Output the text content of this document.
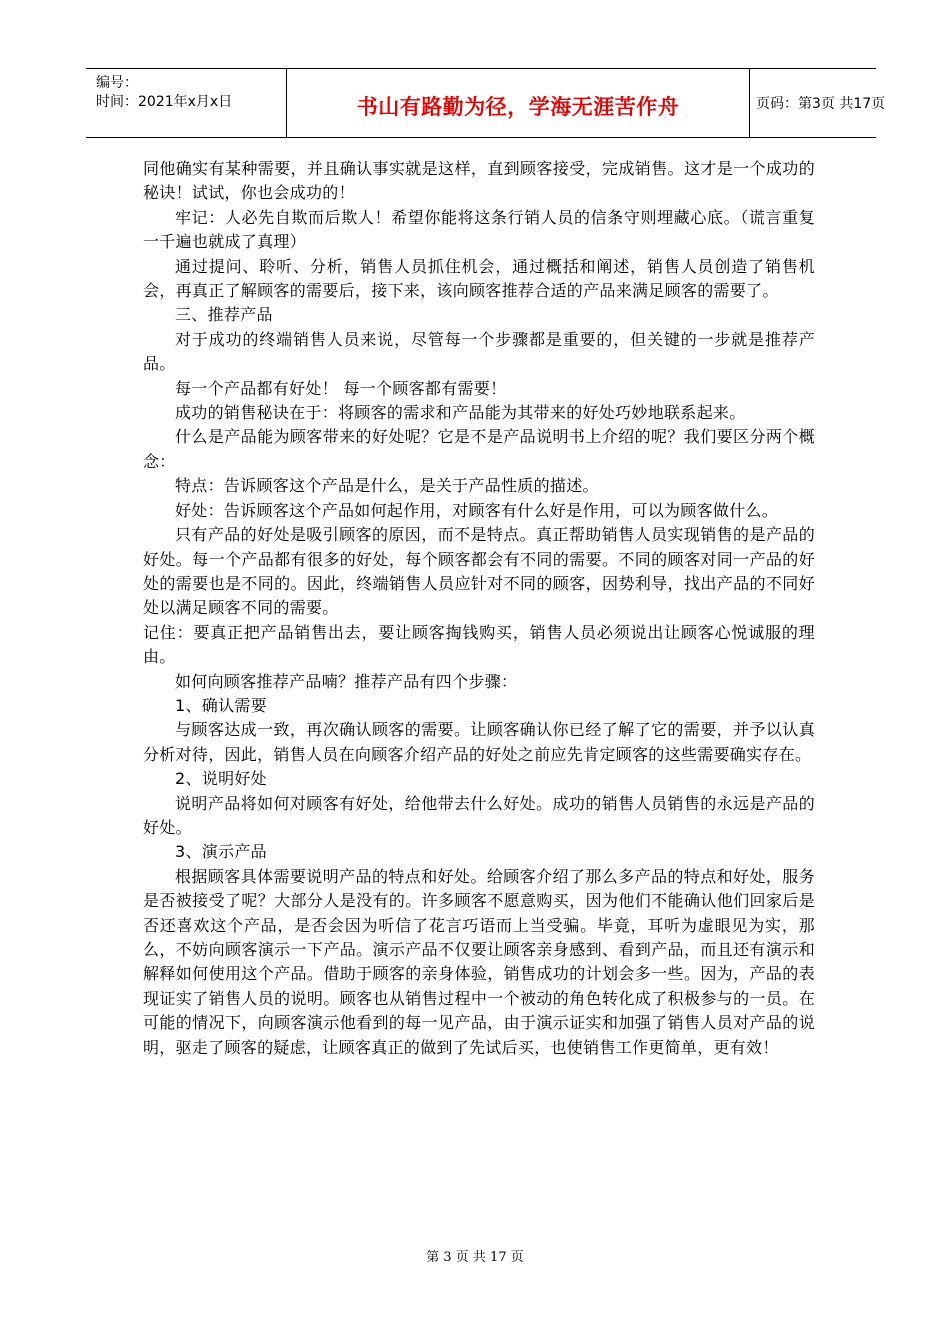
编号：
时间：2021年x月x日	书山有路勤为径，学海无涯苦作舟	页码：第3页 共17页

同他确实有某种需要，并且确认事实就是这样，直到顾客接受，完成销售。这才是一个成功的秘诀！试试，你也会成功的！

牢记：人必先自欺而后欺人！希望你能将这条行销人员的信条守则埋藏心底。（谎言重复一千遍也就成了真理）

通过提问、聆听、分析，销售人员抓住机会，通过概括和阐述，销售人员创造了销售机会，再真正了解顾客的需要后，接下来，该向顾客推荐合适的产品来满足顾客的需要了。

三、推荐产品

对于成功的终端销售人员来说，尽管每一个步骤都是重要的，但关键的一步就是推荐产品。

每一个产品都有好处！ 每一个顾客都有需要！

成功的销售秘诀在于：将顾客的需求和产品能为其带来的好处巧妙地联系起来。

什么是产品能为顾客带来的好处呢？它是不是产品说明书上介绍的呢？我们要区分两个概念：

特点：告诉顾客这个产品是什么，是关于产品性质的描述。

好处：告诉顾客这个产品如何起作用，对顾客有什么好是作用，可以为顾客做什么。

只有产品的好处是吸引顾客的原因，而不是特点。真正帮助销售人员实现销售的是产品的好处。每一个产品都有很多的好处，每个顾客都会有不同的需要。不同的顾客对同一产品的好处的需要也是不同的。因此，终端销售人员应针对不同的顾客，因势利导，找出产品的不同好处以满足顾客不同的需要。

记住：要真正把产品销售出去，要让顾客掏钱购买，销售人员必须说出让顾客心悦诚服的理由。

如何向顾客推荐产品喃？推荐产品有四个步骤：

1、确认需要

与顾客达成一致，再次确认顾客的需要。让顾客确认你已经了解了它的需要，并予以认真分析对待，因此，销售人员在向顾客介绍产品的好处之前应先肯定顾客的这些需要确实存在。

2、说明好处

说明产品将如何对顾客有好处，给他带去什么好处。成功的销售人员销售的永远是产品的好处。

3、演示产品

根据顾客具体需要说明产品的特点和好处。给顾客介绍了那么多产品的特点和好处，服务是否被接受了呢？大部分人是没有的。许多顾客不愿意购买，因为他们不能确认他们回家后是否还喜欢这个产品，是否会因为听信了花言巧语而上当受骗。毕竟，耳听为虚眼见为实，那么，不妨向顾客演示一下产品。演示产品不仅要让顾客亲身感到、看到产品，而且还有演示和解释如何使用这个产品。借助于顾客的亲身体验，销售成功的计划会多一些。因为，产品的表现证实了销售人员的说明。顾客也从销售过程中一个被动的角色转化成了积极参与的一员。在可能的情况下，向顾客演示他看到的每一见产品，由于演示证实和加强了销售人员对产品的说明，驱走了顾客的疑虑，让顾客真正的做到了先试后买，也使销售工作更简单，更有效！

第 3 页 共 17 页
